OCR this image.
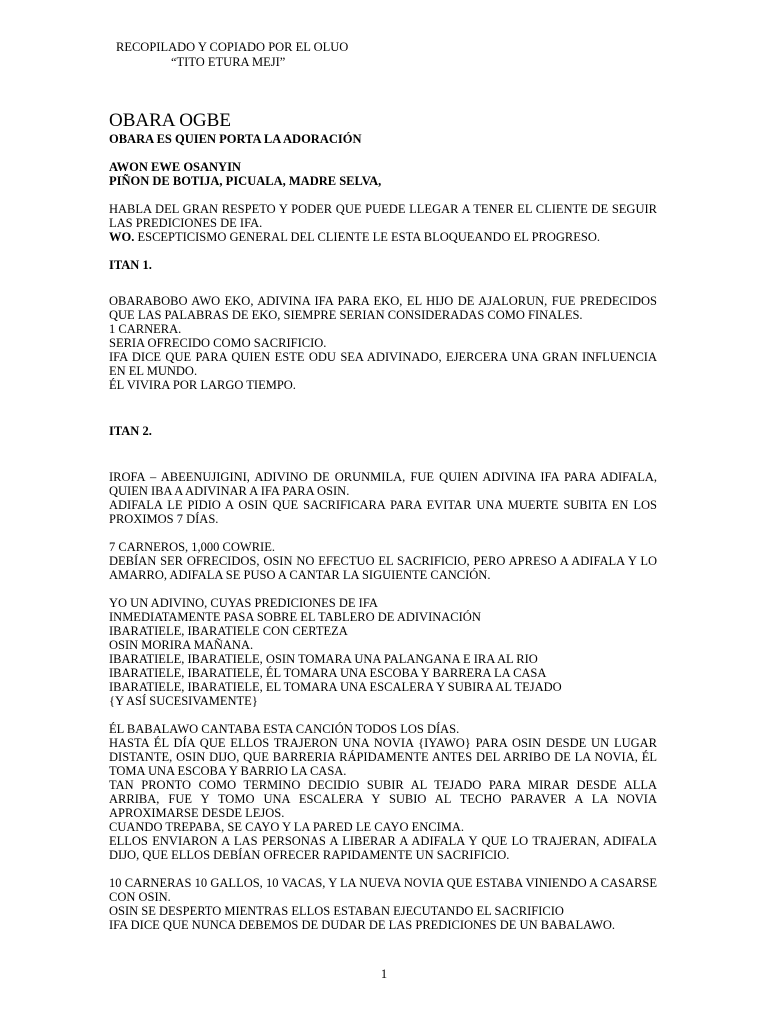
RECOPILADO Y COPIADO POR EL OLUO
“TITO ETURA MEJI”
OBARA OGBE
OBARA ES QUIEN PORTA LA ADORACIÓN
AWON EWE OSANYIN
PIÑON DE BOTIJA, PICUALA, MADRE SELVA,

HABLA DEL GRAN RESPETO Y PODER QUE PUEDE LLEGAR A TENER EL CLIENTE DE SEGUIR LAS PREDICIONES DE IFA.

WO. ESCEPTICISMO GENERAL DEL CLIENTE LE ESTA BLOQUEANDO EL PROGRESO.

ITAN 1.

OBARABOBO AWO EKO, ADIVINA IFA PARA EKO, EL HIJO DE AJALORUN, FUE PREDECIDOS QUE LAS PALABRAS DE EKO, SIEMPRE SERIAN CONSIDERADAS COMO FINALES.

1 CARNERA.

SERIA OFRECIDO COMO SACRIFICIO.

IFA DICE QUE PARA QUIEN ESTE ODU SEA ADIVINADO, EJERCERA UNA GRAN INFLUENCIA EN EL MUNDO.

ÉL VIVIRA POR LARGO TIEMPO.

ITAN 2.

IROFA – ABEENUJIGINI, ADIVINO DE ORUNMILA, FUE QUIEN ADIVINA IFA PARA ADIFALA, QUIEN IBA A ADIVINAR A IFA PARA OSIN.

ADIFALA LE PIDIO A OSIN QUE SACRIFICARA PARA EVITAR UNA MUERTE SUBITA EN LOS PROXIMOS 7 DÍAS.

7 CARNEROS, 1,000 COWRIE.

DEBÍAN SER OFRECIDOS, OSIN NO EFECTUO EL SACRIFICIO, PERO APRESO A ADIFALA Y LO AMARRO, ADIFALA SE PUSO A CANTAR LA SIGUIENTE CANCIÓN.

YO UN ADIVINO, CUYAS PREDICIONES DE IFA

INMEDIATAMENTE PASA SOBRE EL TABLERO DE ADIVINACIÓN

IBARATIELE, IBARATIELE CON CERTEZA

OSIN MORIRA MAÑANA.

IBARATIELE, IBARATIELE, OSIN TOMARA UNA PALANGANA E IRA AL RIO

IBARATIELE, IBARATIELE, ÉL TOMARA UNA ESCOBA Y BARRERA LA CASA

IBARATIELE, IBARATIELE, EL TOMARA UNA ESCALERA Y SUBIRA AL TEJADO

{Y ASÍ SUCESIVAMENTE}

ÉL BABALAWO CANTABA ESTA CANCIÓN TODOS LOS DÍAS.

HASTA ÉL DÍA QUE ELLOS TRAJERON UNA NOVIA {IYAWO} PARA OSIN DESDE UN LUGAR DISTANTE, OSIN DIJO, QUE BARRERIA RÁPIDAMENTE ANTES DEL ARRIBO DE LA NOVIA, ÉL TOMA UNA ESCOBA Y BARRIO LA CASA.

TAN PRONTO COMO TERMINO DECIDIO SUBIR AL TEJADO PARA MIRAR DESDE ALLA ARRIBA, FUE Y TOMO UNA ESCALERA Y SUBIO AL TECHO PARAVER A LA NOVIA APROXIMARSE DESDE LEJOS.

CUANDO TREPABA, SE CAYO Y LA PARED LE CAYO ENCIMA.

ELLOS ENVIARON A LAS PERSONAS A LIBERAR A ADIFALA Y QUE LO TRAJERAN, ADIFALA DIJO, QUE ELLOS DEBÍAN OFRECER RAPIDAMENTE UN SACRIFICIO.

10 CARNERAS 10 GALLOS, 10 VACAS, Y LA NUEVA NOVIA QUE ESTABA VINIENDO A CASARSE CON OSIN.

OSIN SE DESPERTO MIENTRAS ELLOS ESTABAN EJECUTANDO EL SACRIFICIO

IFA DICE QUE NUNCA DEBEMOS DE DUDAR DE LAS PREDICIONES DE UN BABALAWO.

1
